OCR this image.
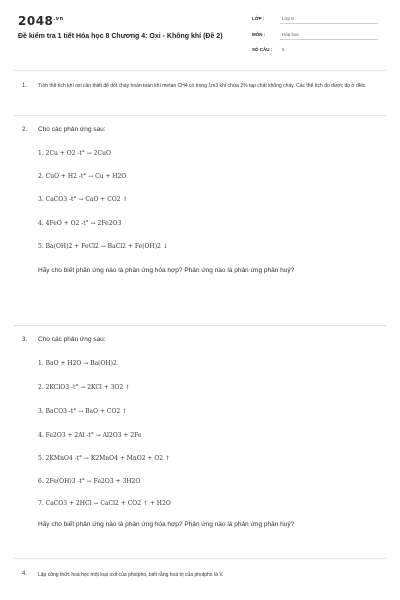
$2048^{.vn}$
Đề kiểm tra 1 tiết Hóa học 8 Chương 4: Oxi - Không khí (Đề 2)
LỚP :	Lớp 8
MÔN :	Hóa học
SỐ CÂU : 5
1. Tính thể tích khí oxi cần thiết để đốt cháy hoàn toàn khí metan CH4 có trong 1m3 khí chứa 2% tạp chất không cháy. Các thể tích đo được đo ở đktc.
2. Cho các phản ứng sau:
1. 2Cu + O2 -t° → 2CuO
2. CuO + H2 -t° → Cu + H2O
3. CaCO3 -t° → CaO + CO2 ↑
4. 4FeO + O2 -t° → 2Fe2O3
5. Ba(OH)2 + FeCl2 → BaCl2 + Fe(OH)2 ↓
Hãy cho biết phản ứng nào là phản ứng hóa hợp? Phản ứng nào là phản ứng phân huỷ?
3. Cho các phản ứng sau:
1. BaO + H2O → Ba(OH)2
2. 2KClO3 -t° → 2KCl + 3O2 ↑
3. BaCO3 -t° → BaO + CO2 ↑
4. Fe2O3 + 2Al -t° → Al2O3 + 2Fe
5. 2KMnO4 -t° → K2MnO4 + MnO2 + O2 ↑
6. 2Fe(OH)3 -t° → Fe2O3 + 3H2O
7. CaCO3 + 2HCl → CaCl2 + CO2 ↑ + H2O
Hãy cho biết phản ứng nào là phản ứng hóa hợp? Phản ứng nào là phản ứng phân huỷ?
4. Lập công thức hoá học một loại oxit của photpho, biết rằng hoá trị của photpho là V.
